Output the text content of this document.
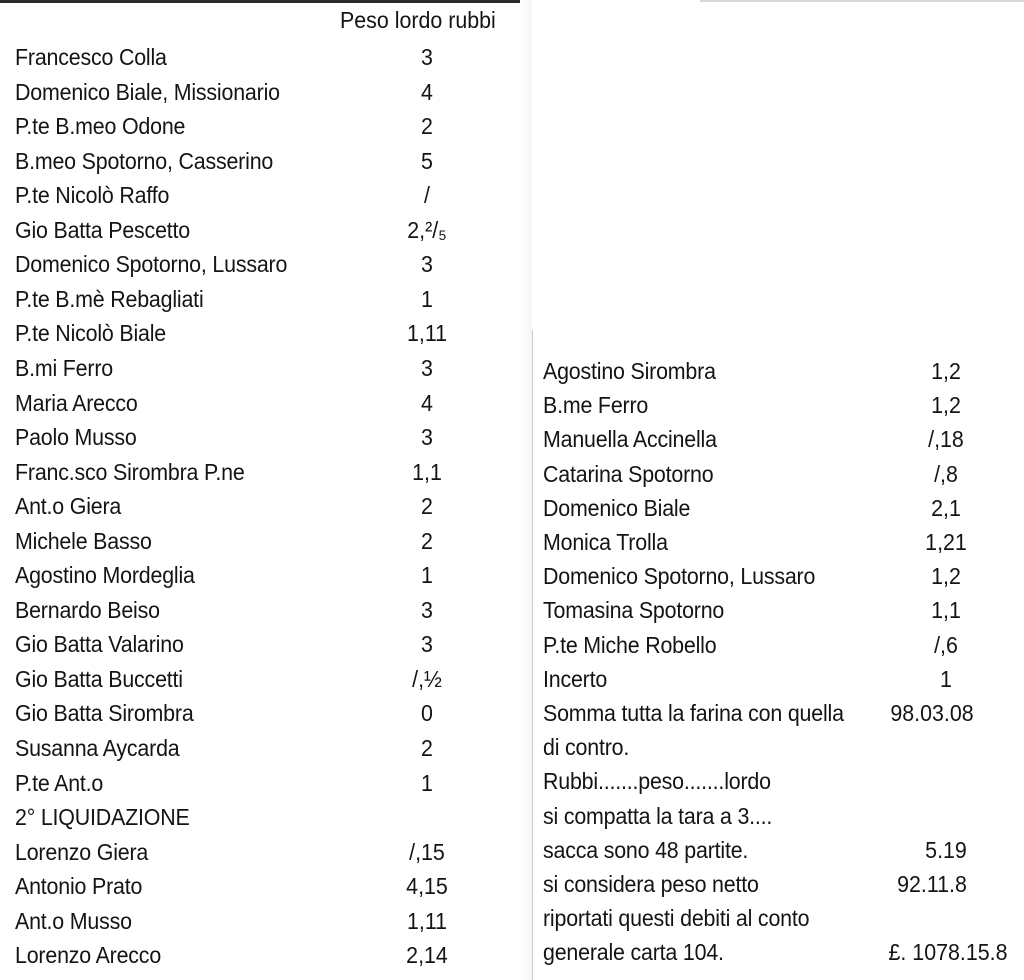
Peso lordo rubbi
Francesco Colla	3
Domenico Biale, Missionario	4
P.te B.meo Odone	2
B.meo Spotorno, Casserino	5
P.te Nicolò Raffo	/
Gio Batta Pescetto	2,²/₅
Domenico Spotorno, Lussaro	3
P.te B.mè Rebagliati	1
P.te Nicolò Biale	1,11
B.mi Ferro	3
Maria Arecco	4
Paolo Musso	3
Franc.sco Sirombra P.ne	1,1
Ant.o Giera	2
Michele Basso	2
Agostino Mordeglia	1
Bernardo Beiso	3
Gio Batta Valarino	3
Gio Batta Buccetti	/,½
Gio Batta Sirombra	0
Susanna Aycarda	2
P.te Ant.o	1
2° LIQUIDAZIONE
Lorenzo Giera	/,15
Antonio Prato	4,15
Ant.o Musso	1,11
Lorenzo Arecco	2,14
Agostino Sirombra	1,2
B.me Ferro	1,2
Manuella Accinella	/,18
Catarina Spotorno	/,8
Domenico Biale	2,1
Monica Trolla	1,21
Domenico Spotorno, Lussaro	1,2
Tomasina Spotorno	1,1
P.te Miche Robello	/,6
Incerto	1
Somma tutta la farina con quella	98.03.08
di contro.
Rubbi.......peso.......lordo
si compatta la tara a 3....
sacca sono 48 partite.	5.19
si considera peso netto	92.11.8
riportati questi debiti al conto
generale carta 104.	£. 1078.15.8
